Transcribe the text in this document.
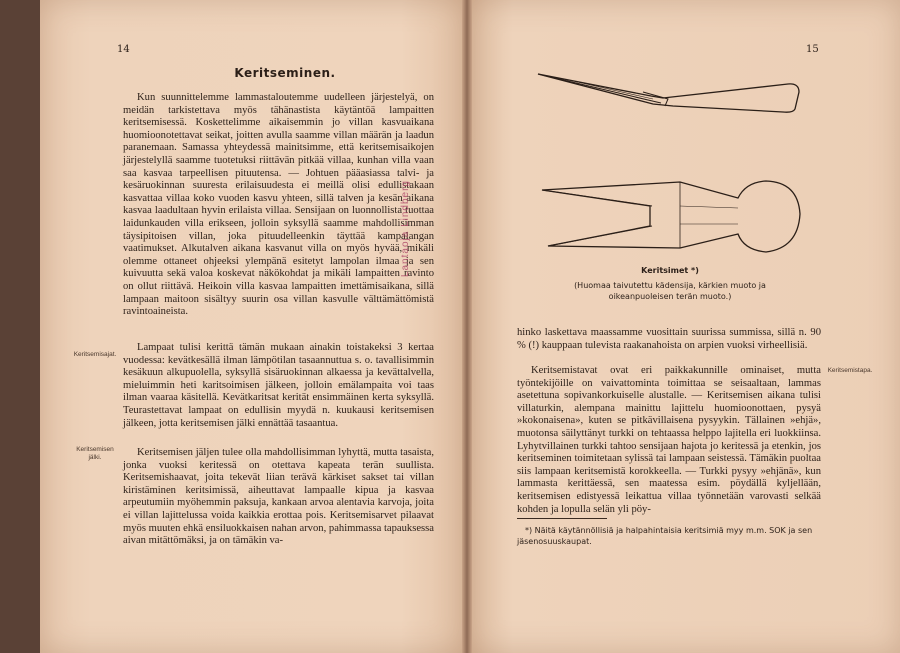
14
Keritseminen.

Kun suunnittelemme lammastaloutemme uudelleen järjestelyä, on meidän tarkistettava myös tähänastista käytäntöä lampaitten keritsemisessä. Koskettelimme aikaisemmin jo villan kasvuaikana huomioonotettavat seikat, joitten avulla saamme villan määrän ja laadun paranemaan. Samassa yhteydessä mainitsimme, että keritsemisaikojen järjestelyllä saamme tuotetuksi riittävän pitkää villaa, kunhan villa vaan saa kasvaa tarpeellisen pituutensa. — Johtuen pääasiassa talvi- ja kesäruokinnan suuresta erilaisuudesta ei meillä olisi edullistakaan kasvattaa villaa koko vuoden kasvu yhteen, sillä talven ja kesän aikana kasvaa laadultaan hyvin erilaista villaa. Sensijaan on luonnollista tuottaa laidunkauden villa erikseen, jolloin syksyllä saamme mahdollisimman täysipitoisen villan, joka pituudelleenkin täyttää kampalangan vaatimukset. Alkutalven aikana kasvanut villa on myös hyvää, mikäli olemme ottaneet ohjeeksi ylempänä esitetyt lampolan ilmaa ja sen kuivuutta sekä valoa koskevat näkökohdat ja mikäli lampaitten ravinto on ollut riittävä. Heikoin villa kasvaa lampaitten imettämisaikana, sillä lampaan maitoon sisältyy suurin osa villan kasvulle välttämättömistä ravintoaineista.

Lampaat tulisi kerittä tämän mukaan ainakin toistakeksi 3 kertaa vuodessa: kevätkesällä ilman lämpötilan tasaannuttua s. o. tavallisimmin kesäkuun alkupuolella, syksyllä sisäruokinnan alkaessa ja kevättalvella, mieluimmin heti karitsoimisen jälkeen, jolloin emälampaita voi taas ilman vaaraa käsitellä. Kevätkaritsat kerität ensimmäinen kerta syksyllä. Teurastettavat lampaat on edullisin myydä n. kuukausi keritsemisen jälkeen, jotta keritsemisen jälki ennättää tasaantua.

Keritsemisen jäljen tulee olla mahdollisimman lyhyttä, mutta tasaista, jonka vuoksi keritessä on otettava kapeata terän suullista. Keritsemishaavat, joita tekevät liian terävä kärkiset sakset tai villan kiristäminen keritsimissä, aiheuttavat lampaalle kipua ja kasvaa arpeutumiin myöhemmin paksuja, kankaan arvoa alentavia karvoja, joita ei villan lajittelussa voida kaikkia erottaa pois. Keritsemisarvet pilaavat myös muuten ehkä ensiluokkaisen nahan arvon, pahimmassa tapauksessa aivan mitättömäksi, ja on tämäkin va-

Keritsemisajat.
Keritsemisen jälki.
Lantaoja Lindberg
15
Keritsimet *)
(Huomaa taivutettu kädensija, kärkien muoto ja oikeanpuoleisen terän muoto.)

hinko laskettava maassamme vuosittain suurissa summissa, sillä n. 90 % (!) kauppaan tulevista raakanahoista on arpien vuoksi virheellisiä.

Keritsemistavat ovat eri paikkakunnille ominaiset, mutta työntekijöille on vaivattominta toimittaa se seisaaltaan, lammas asetettuna sopivankorkuiselle alustalle. — Keritsemisen aikana tulisi villaturkin, alempana mainittu lajittelu huomioonottaen, pysyä »kokonaisena», kuten se pitkävillaisena pysyykin. Tällainen »ehjä», muotonsa säilyttänyt turkki on tehtaassa helppo lajitella eri luokkiinsa. Lyhytvillainen turkki tahtoo sensijaan hajota jo keritessä ja etenkin, jos keritseminen toimitetaan sylissä tai lampaan seistessä. Tämäkin puoltaa siis lampaan keritsemistä korokkeella. — Turkki pysyy »ehjänä», kun lammasta kerittäessä, sen maatessa esim. pöydällä kyljellään, keritsemisen edistyessä leikattua villaa työnnetään varovasti selkää kohden ja lopulla selän yli pöy-

Keritsemistapa.
*) Näitä käytännöllisiä ja halpahintaisia keritsimiä myy m.m. SOK ja sen jäsenosuuskaupat.
